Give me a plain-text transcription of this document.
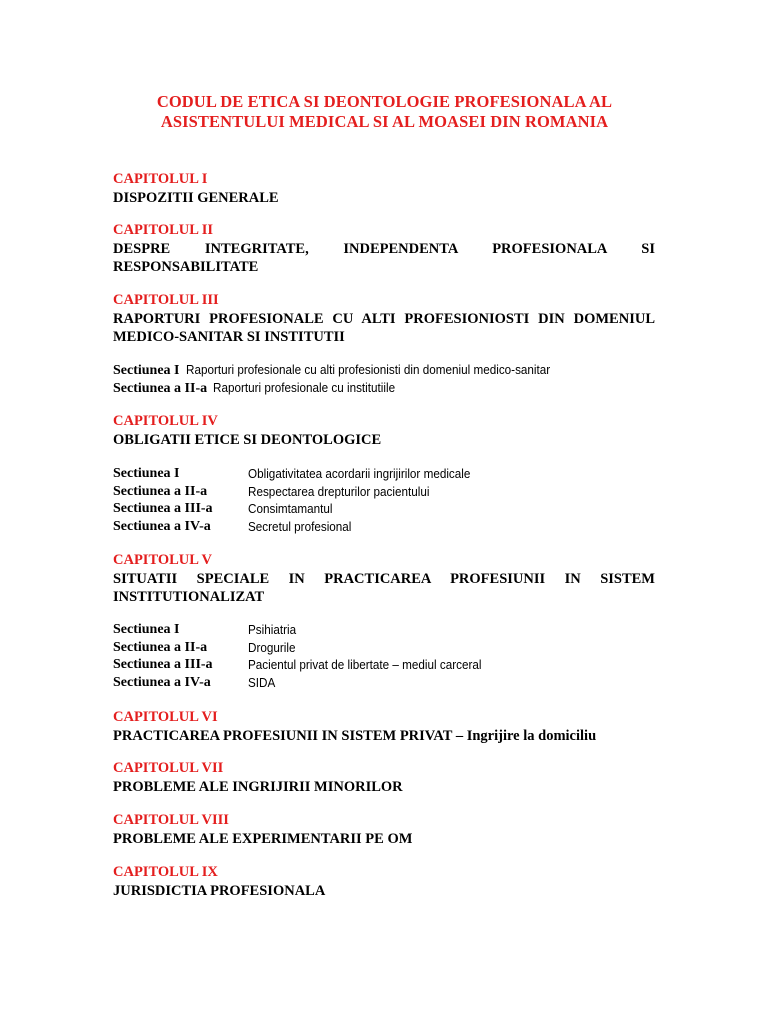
CODUL DE ETICA SI DEONTOLOGIE PROFESIONALA AL
ASISTENTULUI MEDICAL SI AL MOASEI DIN ROMANIA
CAPITOLUL I
DISPOZITII GENERALE
CAPITOLUL II
DESPRE INTEGRITATE, INDEPENDENTA PROFESIONALA SI
RESPONSABILITATE
CAPITOLUL III
RAPORTURI PROFESIONALE CU ALTI PROFESIONIOSTI DIN DOMENIUL
MEDICO-SANITAR SI INSTITUTII
Sectiunea I Raporturi profesionale cu alti profesionisti din domeniul medico-sanitar
Sectiunea a II-a Raporturi profesionale cu institutiile
CAPITOLUL IV
OBLIGATII ETICE SI DEONTOLOGICE
Sectiunea I	Obligativitatea acordarii ingrijirilor medicale
Sectiunea a II-a	Respectarea drepturilor pacientului
Sectiunea a III-a	Consimtamantul
Sectiunea a IV-a	Secretul profesional
CAPITOLUL V
SITUATII SPECIALE IN PRACTICAREA PROFESIUNII IN SISTEM
INSTITUTIONALIZAT
Sectiunea I	Psihiatria
Sectiunea a II-a	Drogurile
Sectiunea a III-a	Pacientul privat de libertate – mediul carceral
Sectiunea a IV-a	SIDA
CAPITOLUL VI
PRACTICAREA PROFESIUNII IN SISTEM PRIVAT – Ingrijire la domiciliu
CAPITOLUL VII
PROBLEME ALE INGRIJIRII MINORILOR
CAPITOLUL VIII
PROBLEME ALE EXPERIMENTARII PE OM
CAPITOLUL IX
JURISDICTIA PROFESIONALA
